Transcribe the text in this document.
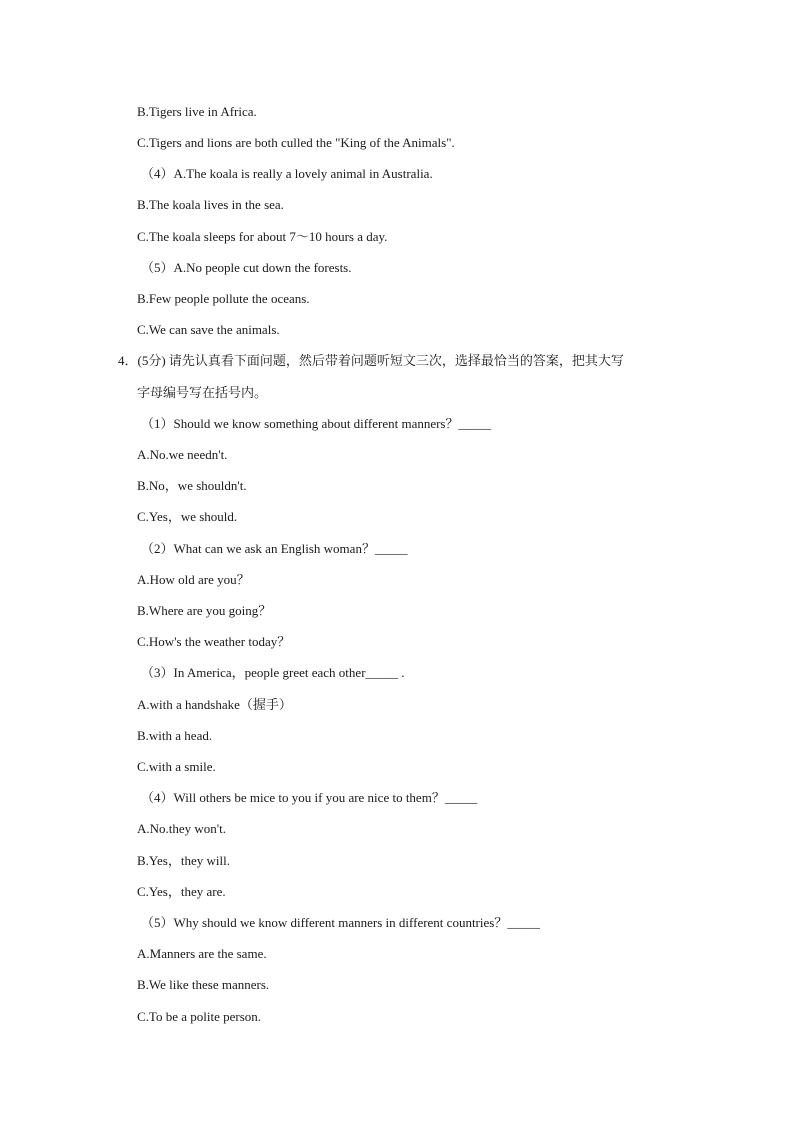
B.Tigers live in Africa.
C.Tigers and lions are both culled the "King of the Animals".
（4）A.The koala is really a lovely animal in Australia.
B.The koala lives in the sea.
C.The koala sleeps for about 7～10 hours a day.
（5）A.No people cut down the forests.
B.Few people pollute the oceans.
C.We can save the animals.
4．(5分) 请先认真看下面问题，然后带着问题听短文三次，选择最恰当的答案，把其大写
字母编号写在括号内。
（1）Should we know something about different manners？_____
A.No.we needn't.
B.No，we shouldn't.
C.Yes，we should.
（2）What can we ask an English woman？_____
A.How old are you？
B.Where are you going？
C.How's the weather today？
（3）In America，people greet each other_____ .
A.with a handshake（握手）
B.with a head.
C.with a smile.
（4）Will others be mice to you if you are nice to them？_____
A.No.they won't.
B.Yes，they will.
C.Yes，they are.
（5）Why should we know different manners in different countries？_____
A.Manners are the same.
B.We like these manners.
C.To be a polite person.
